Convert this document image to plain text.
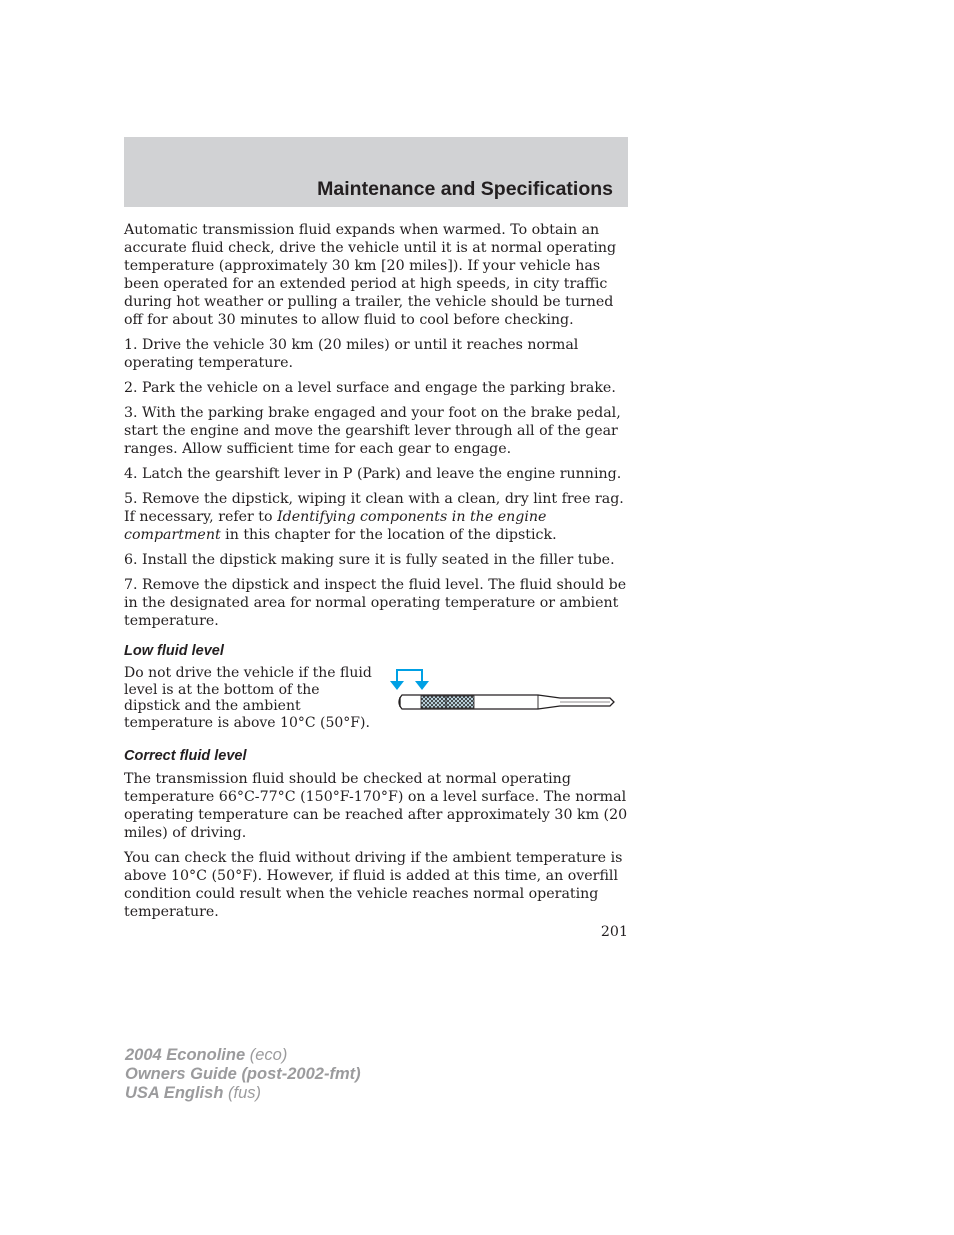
Maintenance and Specifications

Automatic transmission fluid expands when warmed. To obtain an accurate fluid check, drive the vehicle until it is at normal operating temperature (approximately 30 km [20 miles]). If your vehicle has been operated for an extended period at high speeds, in city traffic during hot weather or pulling a trailer, the vehicle should be turned off for about 30 minutes to allow fluid to cool before checking.

1. Drive the vehicle 30 km (20 miles) or until it reaches normal operating temperature.

2. Park the vehicle on a level surface and engage the parking brake.

3. With the parking brake engaged and your foot on the brake pedal, start the engine and move the gearshift lever through all of the gear ranges. Allow sufficient time for each gear to engage.

4. Latch the gearshift lever in P (Park) and leave the engine running.

5. Remove the dipstick, wiping it clean with a clean, dry lint free rag. If necessary, refer to Identifying components in the engine compartment in this chapter for the location of the dipstick.

6. Install the dipstick making sure it is fully seated in the filler tube.

7. Remove the dipstick and inspect the fluid level. The fluid should be in the designated area for normal operating temperature or ambient temperature.

Low fluid level
Do not drive the vehicle if the fluid level is at the bottom of the dipstick and the ambient temperature is above 10°C (50°F).
Correct fluid level

The transmission fluid should be checked at normal operating temperature 66°C-77°C (150°F-170°F) on a level surface. The normal operating temperature can be reached after approximately 30 km (20 miles) of driving.

You can check the fluid without driving if the ambient temperature is above 10°C (50°F). However, if fluid is added at this time, an overfill condition could result when the vehicle reaches normal operating temperature.

201
2004 Econoline (eco)
Owners Guide (post-2002-fmt)
USA English (fus)
